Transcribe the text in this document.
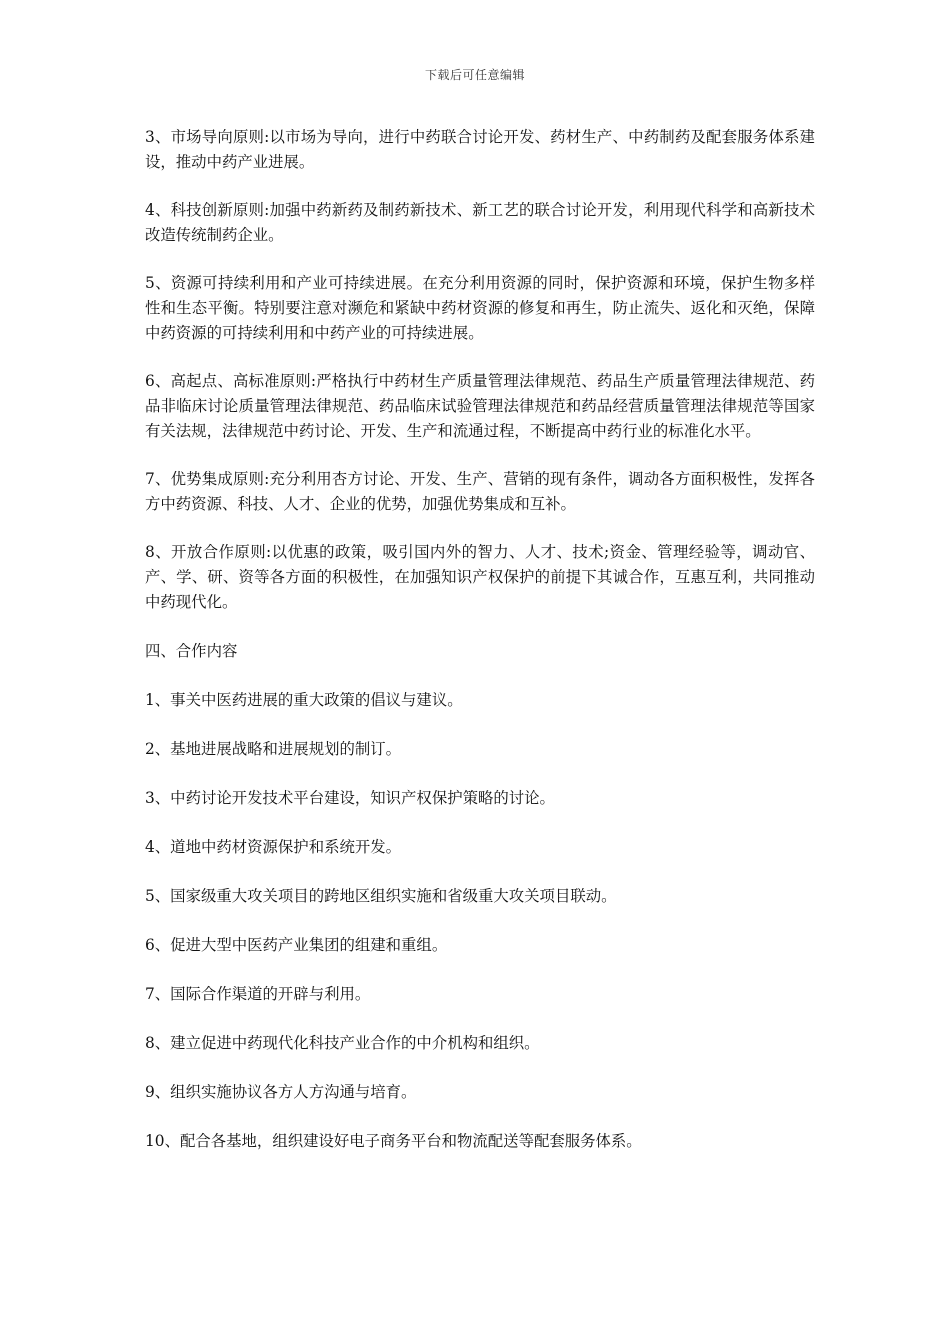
下载后可任意编辑

3、市场导向原则:以市场为导向，进行中药联合讨论开发、药材生产、中药制药及配套服务体系建设，推动中药产业进展。

4、科技创新原则:加强中药新药及制药新技术、新工艺的联合讨论开发，利用现代科学和高新技术改造传统制药企业。

5、资源可持续利用和产业可持续进展。在充分利用资源的同时，保护资源和环境，保护生物多样性和生态平衡。特别要注意对濒危和紧缺中药材资源的修复和再生，防止流失、返化和灭绝，保障中药资源的可持续利用和中药产业的可持续进展。

6、高起点、高标准原则:严格执行中药材生产质量管理法律规范、药品生产质量管理法律规范、药品非临床讨论质量管理法律规范、药品临床试验管理法律规范和药品经营质量管理法律规范等国家有关法规，法律规范中药讨论、开发、生产和流通过程，不断提高中药行业的标准化水平。

7、优势集成原则:充分利用杏方讨论、开发、生产、营销的现有条件，调动各方面积极性，发挥各方中药资源、科技、人才、企业的优势，加强优势集成和互补。

8、开放合作原则:以优惠的政策，吸引国内外的智力、人才、技术;资金、管理经验等，调动官、产、学、研、资等各方面的积极性，在加强知识产权保护的前提下其诚合作，互惠互利，共同推动中药现代化。

四、合作内容

1、事关中医药进展的重大政策的倡议与建议。

2、基地进展战略和进展规划的制订。

3、中药讨论开发技术平台建设，知识产权保护策略的讨论。

4、道地中药材资源保护和系统开发。

5、国家级重大攻关项目的跨地区组织实施和省级重大攻关项目联动。

6、促进大型中医药产业集团的组建和重组。

7、国际合作渠道的开辟与利用。

8、建立促进中药现代化科技产业合作的中介机构和组织。

9、组织实施协议各方人方沟通与培育。

10、配合各基地，组织建设好电子商务平台和物流配送等配套服务体系。
